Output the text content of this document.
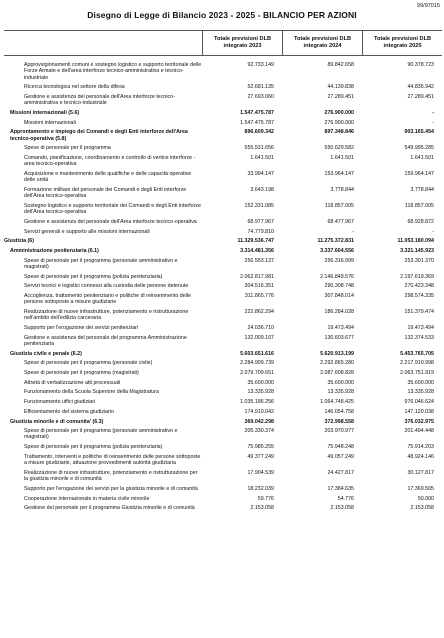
99/97015
Disegno di Legge di Bilancio 2023 - 2025 - BILANCIO PER AZIONI
Totale previsioni DLB integrato 2023
Totale previsioni DLB integrato 2024
Totale previsioni DLB integrato 2025
Approvvigionamenti comuni e sostegno logistico e supporto territoriale delle Forze Armate e dell'area interforze tecnico-amministrativa e tecnico-industriale
92.733.149	89.842.658	90.378.723
Ricerca tecnologica nel settore della difesa	52.681.135	44.139.838	44.835.942
Gestione e assistenza del personale dell'Area interforze tecnico-amministrativa e tecnico-industriale
27.693.060	27.289.451	27.289.451
Missioni internazionali (5.6)	1.547.475.787	276.900.000	-
Missioni internazionali	1.547.475.787	276.900.000	-
Approntamento e impiego dei Comandi e degli Enti interforze dell'Area tecnico-operativa (5.8)
896.609.342	897.348.846	903.165.454
Spese di personale per il programma	555.531.656	550.629.582	549.995.285
Comando, pianificazione, coordinamento e controllo di vertice interforze - area tecnico-operativa
1.641.501	1.641.501	1.641.501
Acquisizione e mantenimento delle qualifiche e delle capacità operative delle unità
33.994.147	153.964.147	159.964.147
Formazione militare del personale dei Comandi e degli Enti interforze dell'Area tecnico-operativa
3.643.198	3.778.844	3.778.844
Sostegno logistico e supporto territoriale dei Comandi e degli Enti interforze dell'Area tecnico-operativa
152.331.085	118.857.005	118.857.005
Gestione e assistenza del personale dell'Area interforze tecnico-operativa	68.977.967	68.477.967	68.928.872
Servizi generali e supporto alle missioni internazionali	74.779.810	-	-
Giustizia (6)	11.329.536.747	11.275.372.831	11.053.180.094
Amministrazione penitenziaria (6.1)	3.314.481.356	3.337.604.556	3.321.145.923
Spese di personale per il programma (personale amministrativo e magistrati)
256.553.137	256.316.999	253.301.370
Spese di personale per il programma (polizia penitenziaria)	2.062.817.981	2.146.849.576	2.197.619.369
Servizi tecnici e logistici connessi alla custodia delle persone detenute	304.516.351	290.308.748	270.423.348
Accoglienza, trattamento penitenziario e politiche di reinserimento delle persone sottoposte a misure giudiziarie
311.865.776	307.848.014	298.574.335
Realizzazione di nuove infrastrutture, potenziamento e ristrutturazione nell'ambito dell'edilizia carceraria
222.862.294	186.284.028	151.379.474
Supporto per l'erogazione dei servizi penitenziari	24.036.710	19.473.494	19.473.494
Gestione e assistenza del personale del programma Amministrazione penitenziaria
132.009.107	130.603.677	132.374.533
Giustizia civile e penale (6.2)	5.603.651.616	5.620.913.199	5.453.765.705
Spese di personale per il programma (personale civile)	2.284.909.739	2.292.865.280	2.217.910.998
Spese di personale per il programma (magistrati)	2.079.709.651	2.087.608.828	2.063.751.919
Attività di verbalizzazione atti processuali	35.600.000	35.600.000	35.600.000
Funzionamento della Scuola Superiore della Magistratura	13.335.928	13.335.928	13.335.928
Funzionamento uffici giudiziari	1.035.186.256	1.064.748.425	976.046.624
Efficientamento del sistema giudiziario	174.910.042	146.054.758	147.120.038
Giustizia minorile e di comunita' (6.3)	369.042.298	372.998.558	376.032.975
Spese di personale per il programma (personale amministrativo e magistrati)
205.330.374	203.970.977	201.494.448
Spese di personale per il programma (polizia penitenziaria)	75.985.255	75.948.248	75.914.203
Trattamento, interventi e politiche di reinserimento delle persone sottoposte a misure giudiziarie, attuazione provvedimenti autorità giudiziaria
49.377.249	49.057.249	48.924.146
Realizzazione di nuove infrastrutture, potenziamento e ristrutturazione per la giustizia minorile e di comunità
17.904.539	24.427.817	30.127.817
Supporto per l'erogazione dei servizi per la giustizia minorile e di comunità	18.232.039	17.384.635	17.369.505
Cooperazione internazionale in materia civile minorile	59.776	54.776	50.000
Gestione del personale per il programma Giustizia minorile e di comunità	2.153.058	2.153.058	2.153.058
